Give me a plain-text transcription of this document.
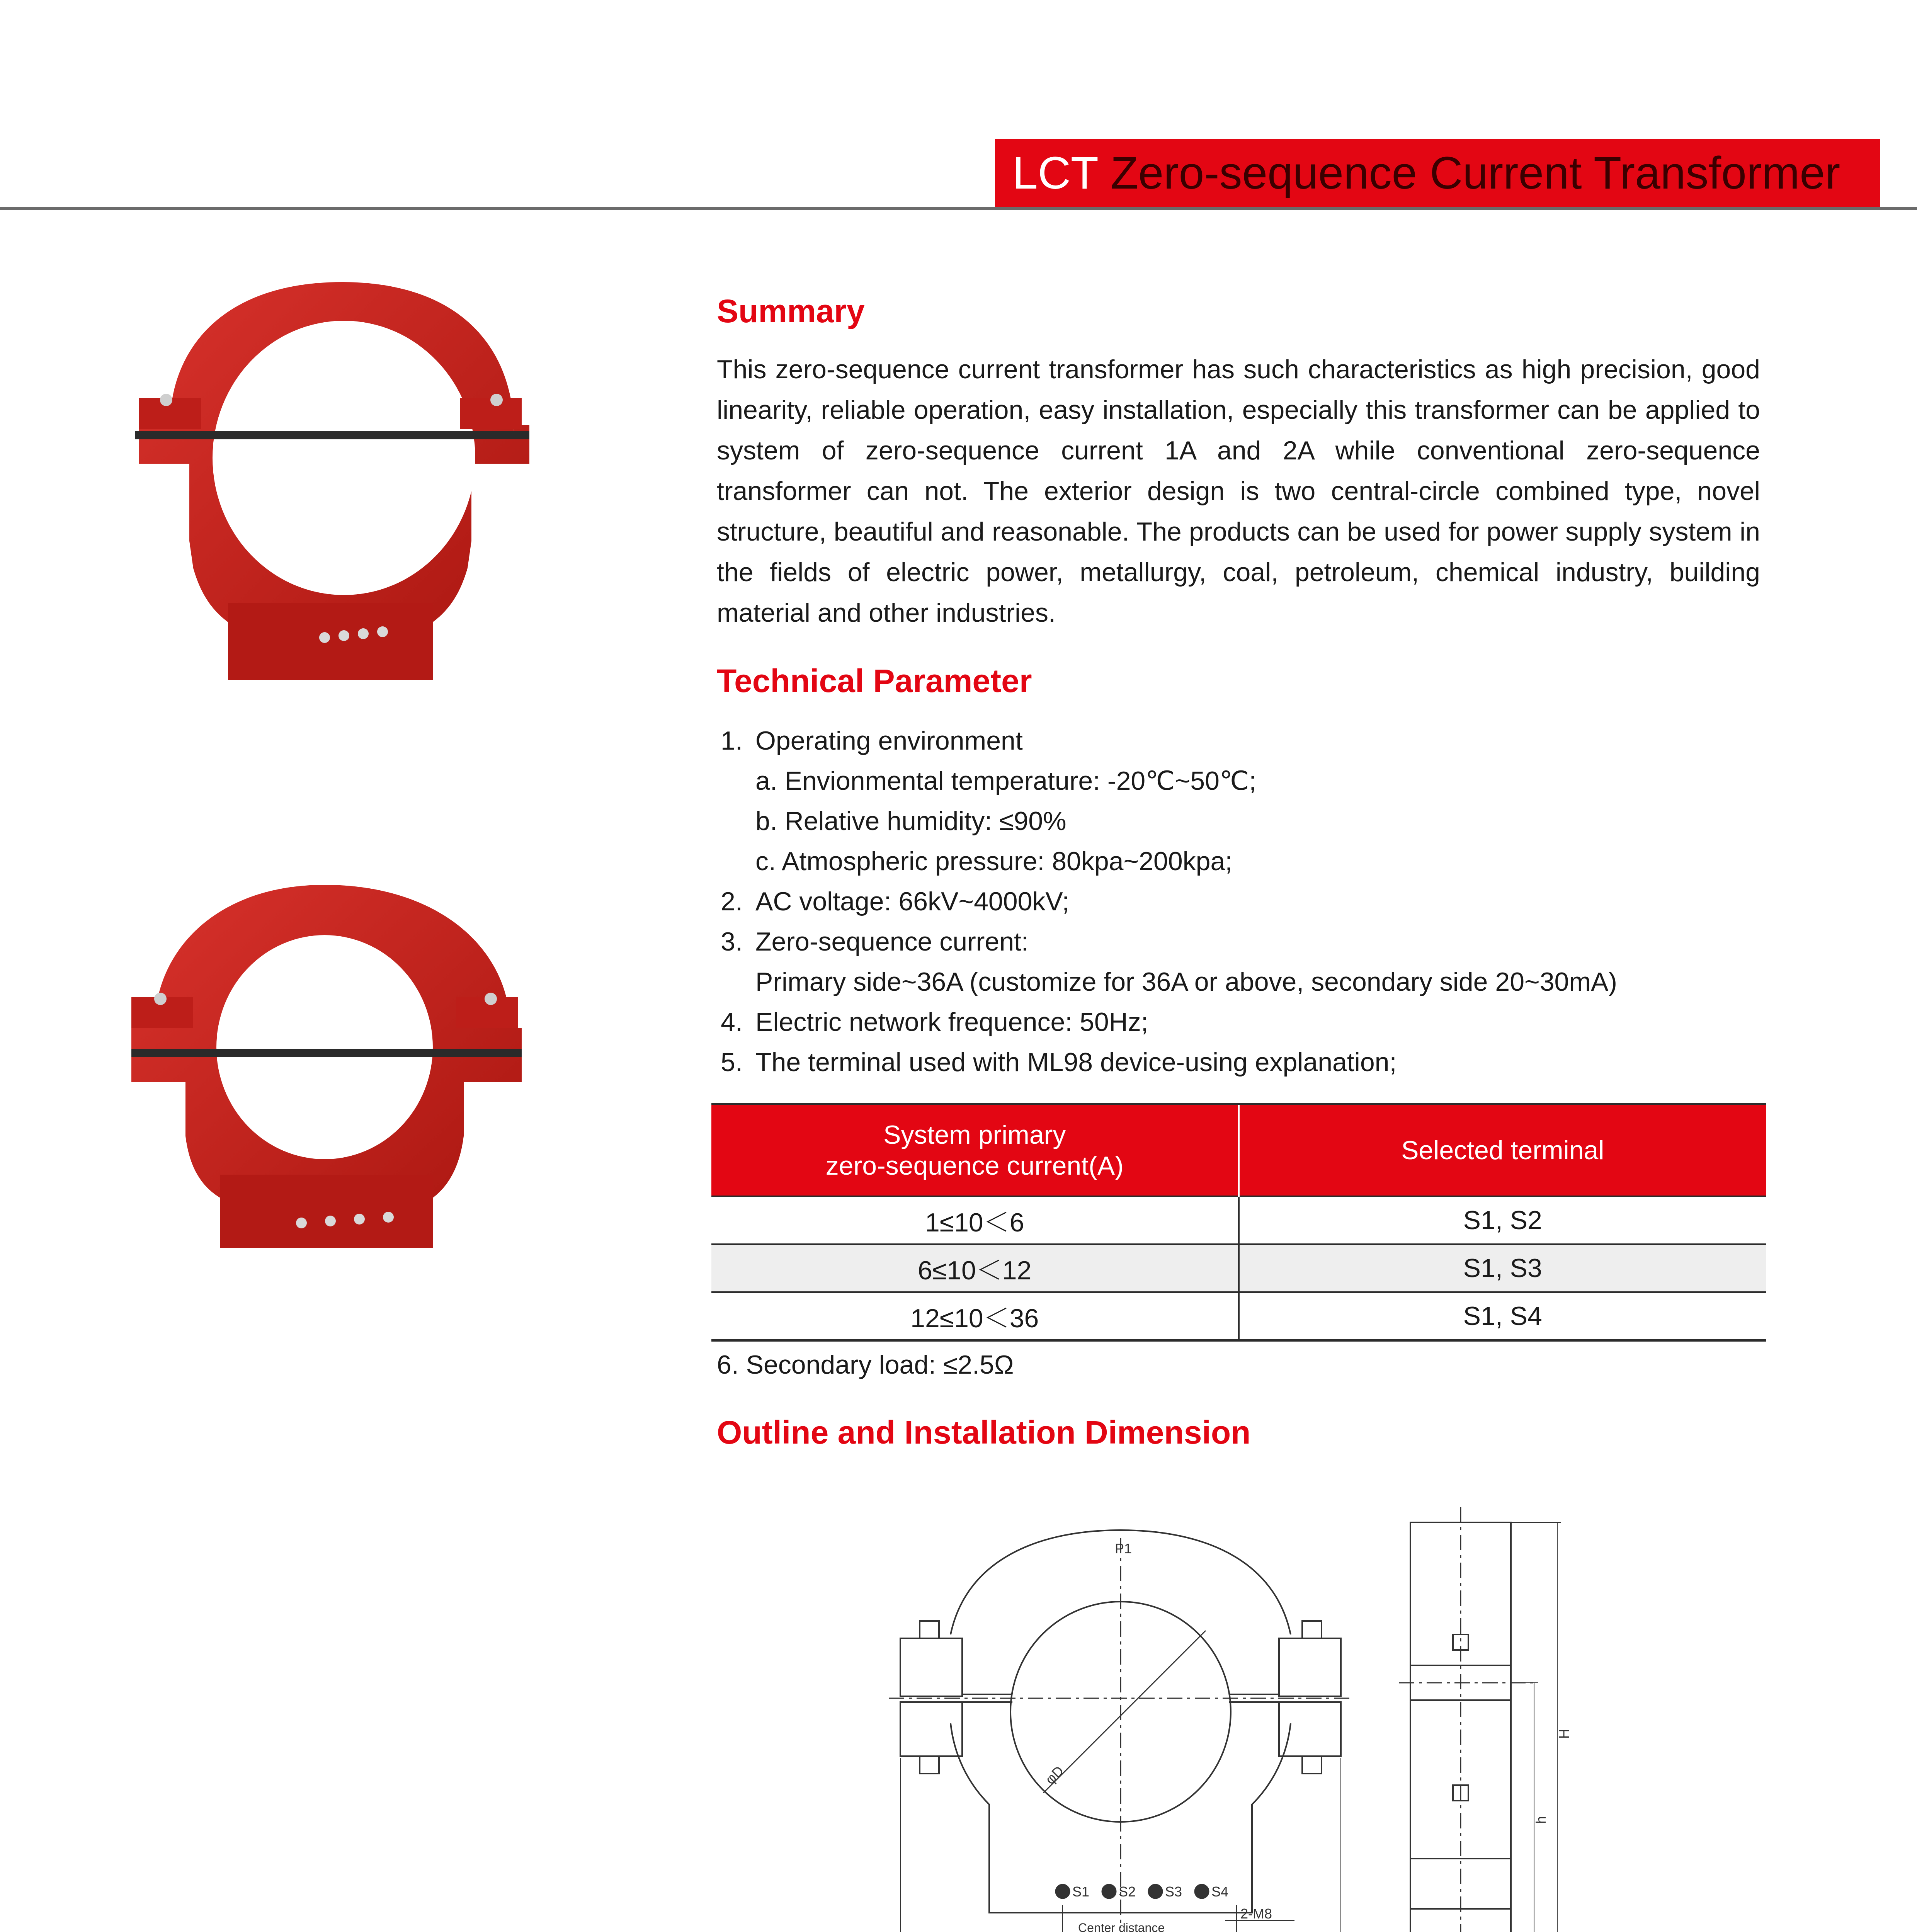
LCT Zero-sequence Current Transformer
Summary
This zero-sequence current transformer has such characteristics as high precision, good linearity, reliable operation, easy installation, especially this transformer can be applied to system of zero-sequence current 1A and 2A while conventional zero-sequence transformer can not. The exterior design is two central-circle combined type, novel structure, beautiful and reasonable. The products can be used for power supply system in the fields of electric power, metallurgy, coal, petroleum, chemical industry, building material and other industries.
Technical Parameter
1. Operating environment
a. Envionmental temperature: -20℃~50℃;
b. Relative humidity: ≤90%
c. Atmospheric pressure: 80kpa~200kpa;
2. AC voltage: 66kV~4000kV;
3. Zero-sequence current:
Primary side~36A (customize for 36A or above, secondary side 20~30mA)
4. Electric network frequence: 50Hz;
5. The terminal used with ML98 device-using explanation;
System primary
zero-sequence current(A)	Selected terminal
1≤10＜6	S1, S2
6≤10＜12	S1, S3
12≤10＜36	S1, S4
6. Secondary load: ≤2.5Ω
Outline and Installation Dimension
P1
φD
S1 S2 S3 S4
Center distance
2-M8
H
h
